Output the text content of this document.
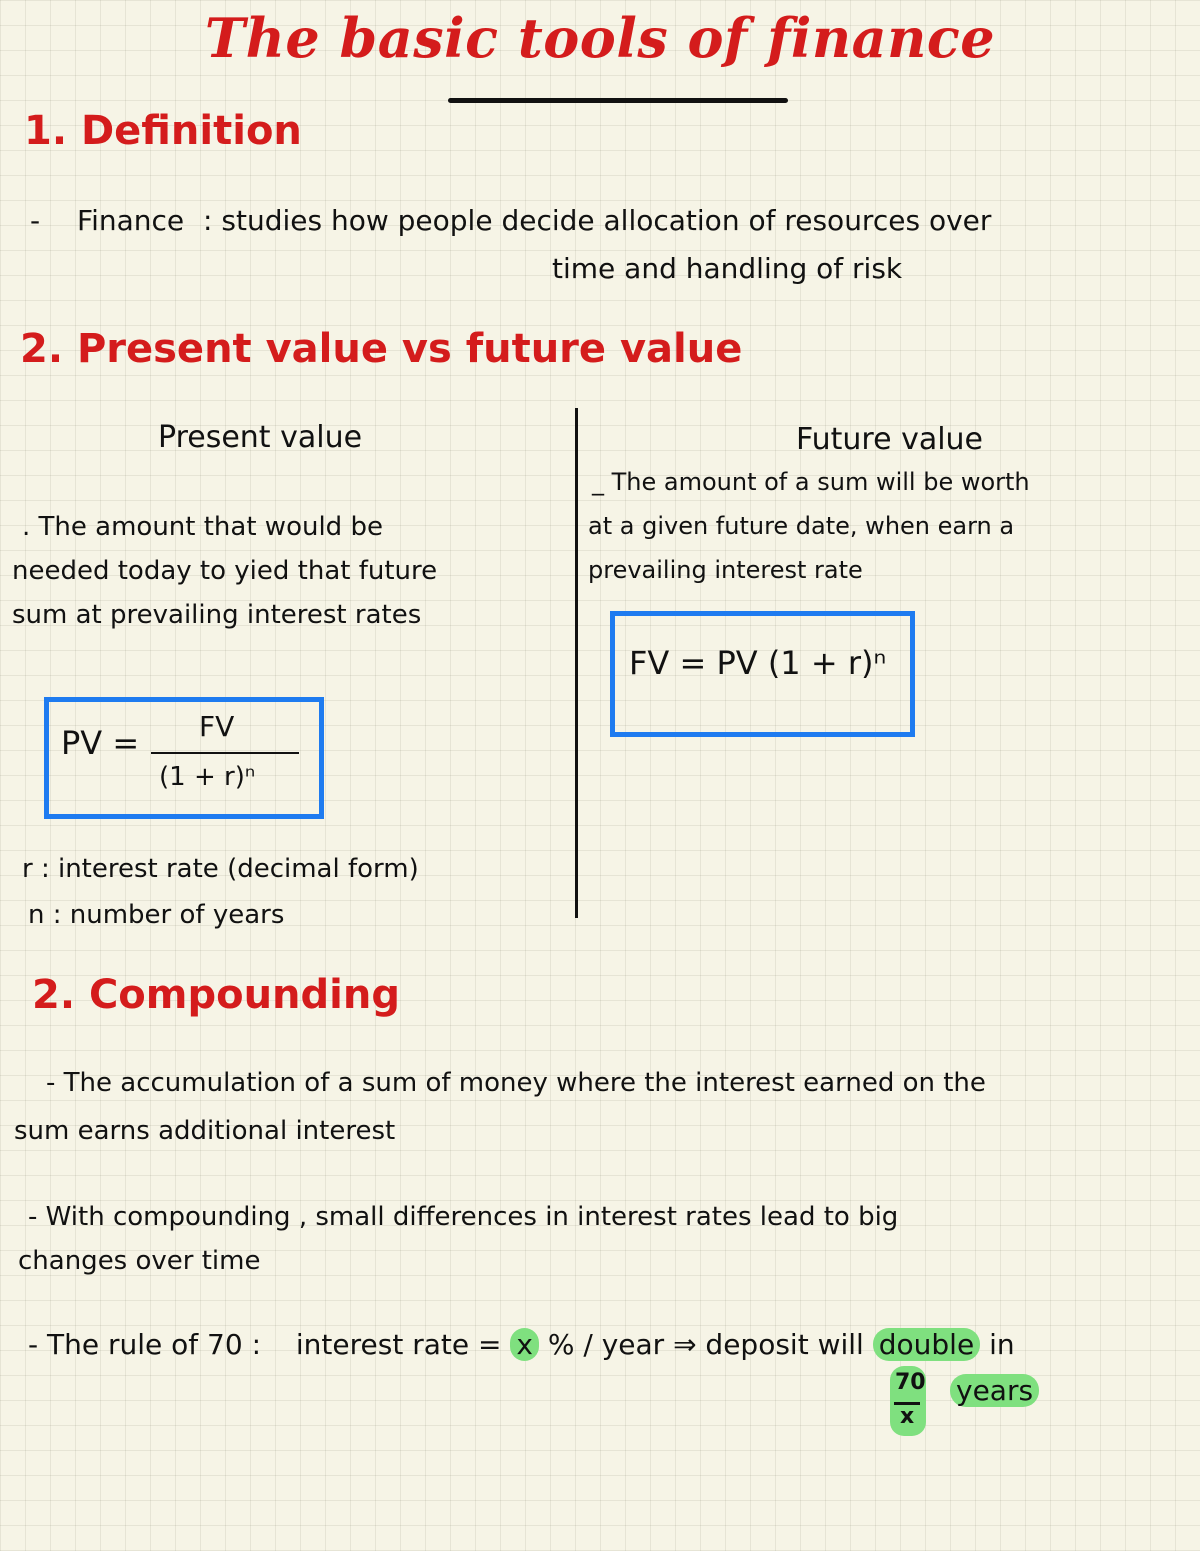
The basic tools of finance
1. Definition
- Finance : studies how people decide allocation of resources over
time and handling of risk
2. Present value vs future value
Present value
. The amount that would be
needed today to yied that future
sum at prevailing interest rates
PV = FV
(1 + r)ⁿ
r : interest rate (decimal form)
n : number of years
Future value
_ The amount of a sum will be worth
at a given future date, when earn a
prevailing interest rate
FV = PV (1 + r)ⁿ
2. Compounding
- The accumulation of a sum of money where the interest earned on the
sum earns additional interest
- With compounding , small differences in interest rates lead to big
changes over time
- The rule of 70 : interest rate = x % / year ⇒ deposit will double in
70
x
years
